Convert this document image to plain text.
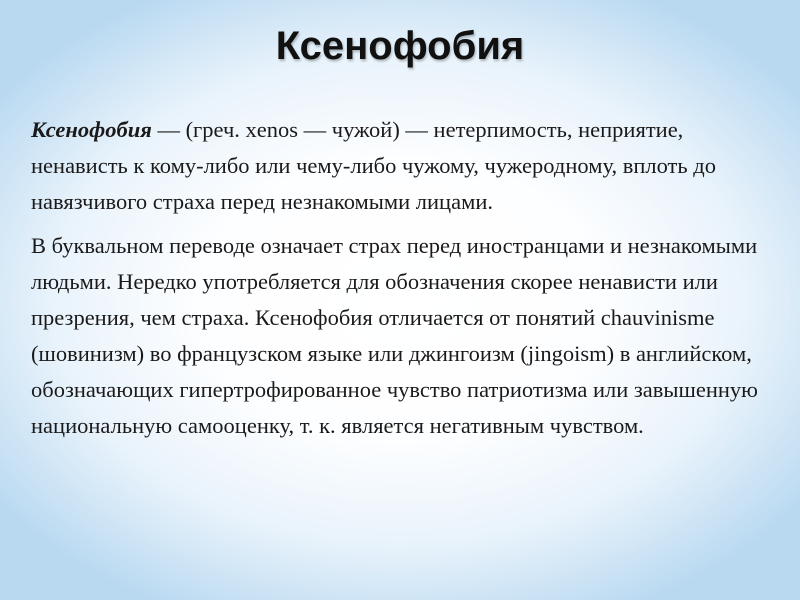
Ксенофобия

Ксенофобия — (греч. xenos — чужой) — нетерпимость, неприятие, ненависть к кому-либо или чему-либо чужому, чужеродному, вплоть до навязчивого страха перед незнакомыми лицами.

В буквальном переводе означает страх перед иностранцами и незнакомыми людьми. Нередко употребляется для обозначения скорее ненависти или презрения, чем страха. Ксенофобия отличается от понятий chauvinisme (шовинизм) во французском языке или джингоизм (jingoism) в английском, обозначающих гипертрофированное чувство патриотизма или завышенную национальную самооценку, т. к. является негативным чувством.
